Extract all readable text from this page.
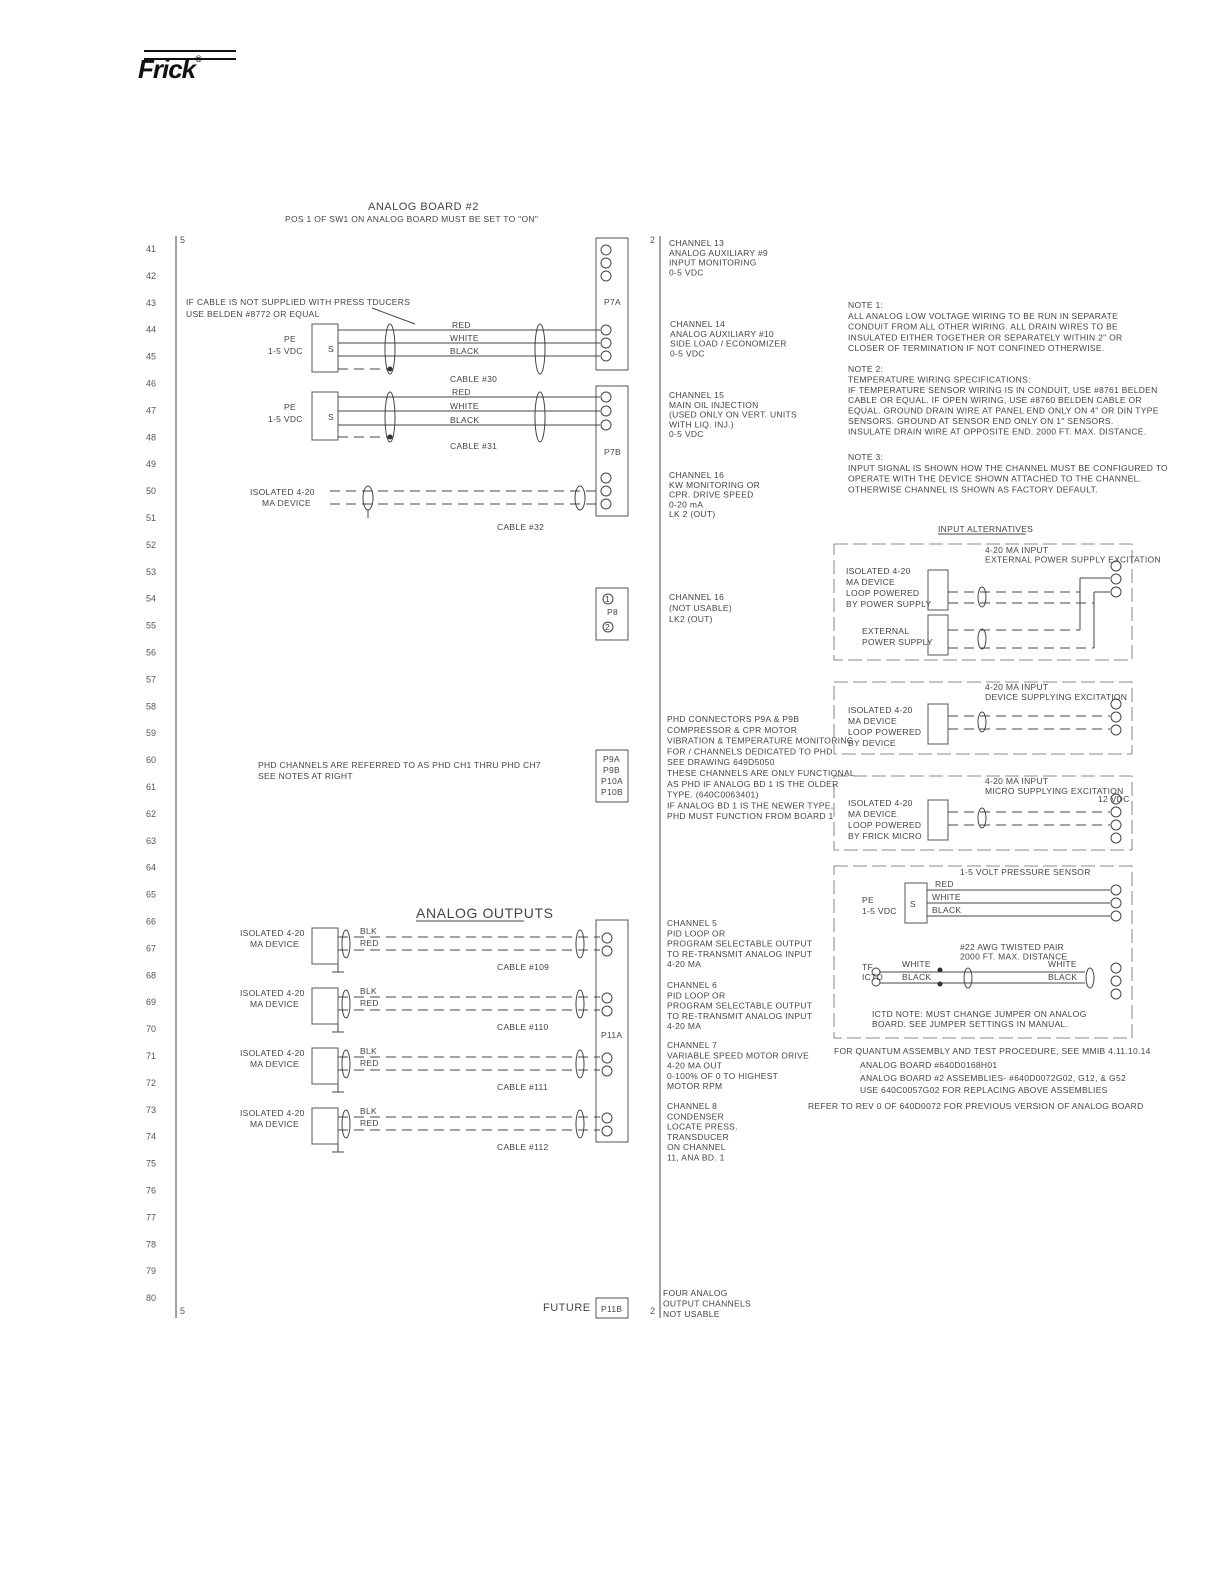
Frick®
ANALOG BOARD #2
POS 1 OF SW1 ON ANALOG BOARD MUST BE SET TO "ON"
41
42
43
44
45
46
47
48
49
50
51
52
53
54
55
56
57
58
59
60
61
62
63
64
65
66
67
68
69
70
71
72
73
74
75
76
77
78
79
80
5	2
5	2
P7A
P7B
IF CABLE IS NOT SUPPLIED WITH PRESS TDUCERS
USE BELDEN #8772 OR EQUAL
PE
1-5 VDC	S
RED
WHITE
BLACK
CABLE #30
PE
1-5 VDC	S
RED
WHITE
BLACK
CABLE #31
ISOLATED 4-20
MA DEVICE
CABLE #32
1
2
P8
PHD CHANNELS ARE REFERRED TO AS PHD CH1 THRU PHD CH7
SEE NOTES AT RIGHT
P9A
P9B
P10A
P10B
ANALOG OUTPUTS
P11A
ISOLATED 4-20
MA DEVICE
BLK
RED
CABLE #109
ISOLATED 4-20
MA DEVICE
BLK
RED
CABLE #110
ISOLATED 4-20
MA DEVICE
BLK
RED
CABLE #111
ISOLATED 4-20
MA DEVICE
BLK
RED
CABLE #112
FUTURE P11B
CHANNEL 13
ANALOG AUXILIARY #9
INPUT MONITORING
0-5 VDC
CHANNEL 14
ANALOG AUXILIARY #10
SIDE LOAD / ECONOMIZER
0-5 VDC
CHANNEL 15
MAIN OIL INJECTION
(USED ONLY ON VERT. UNITS
WITH LIQ. INJ.)
0-5 VDC
CHANNEL 16
KW MONITORING OR
CPR. DRIVE SPEED
0-20 mA
LK 2 (OUT)
CHANNEL 16
(NOT USABLE)
LK2 (OUT)
PHD CONNECTORS P9A & P9B
COMPRESSOR & CPR MOTOR
VIBRATION & TEMPERATURE MONITORING
FOR / CHANNELS DEDICATED TO PHD
SEE DRAWING 649D5050
THESE CHANNELS ARE ONLY FUNCTIONAL
AS PHD IF ANALOG BD 1 IS THE OLDER
TYPE. (640C0063401)
IF ANALOG BD 1 IS THE NEWER TYPE,
PHD MUST FUNCTION FROM BOARD 1
CHANNEL 5
PID LOOP OR
PROGRAM SELECTABLE OUTPUT
TO RE-TRANSMIT ANALOG INPUT
4-20 MA
CHANNEL 6
PID LOOP OR
PROGRAM SELECTABLE OUTPUT
TO RE-TRANSMIT ANALOG INPUT
4-20 MA
CHANNEL 7
VARIABLE SPEED MOTOR DRIVE
4-20 MA OUT
0-100% OF 0 TO HIGHEST
MOTOR RPM
CHANNEL 8
CONDENSER
LOCATE PRESS.
TRANSDUCER
ON CHANNEL
11, ANA BD. 1
FOUR ANALOG
OUTPUT CHANNELS
NOT USABLE
NOTE 1:
ALL ANALOG LOW VOLTAGE WIRING TO BE RUN IN SEPARATE
CONDUIT FROM ALL OTHER WIRING. ALL DRAIN WIRES TO BE
INSULATED EITHER TOGETHER OR SEPARATELY WITHIN 2" OR
CLOSER OF TERMINATION IF NOT CONFINED OTHERWISE.
NOTE 2:
TEMPERATURE WIRING SPECIFICATIONS:
IF TEMPERATURE SENSOR WIRING IS IN CONDUIT, USE #8761 BELDEN
CABLE OR EQUAL. IF OPEN WIRING, USE #8760 BELDEN CABLE OR
EQUAL. GROUND DRAIN WIRE AT PANEL END ONLY ON 4" OR DIN TYPE
SENSORS. GROUND AT SENSOR END ONLY ON 1" SENSORS.
INSULATE DRAIN WIRE AT OPPOSITE END. 2000 FT. MAX. DISTANCE.
NOTE 3:
INPUT SIGNAL IS SHOWN HOW THE CHANNEL MUST BE CONFIGURED TO
OPERATE WITH THE DEVICE SHOWN ATTACHED TO THE CHANNEL.
OTHERWISE CHANNEL IS SHOWN AS FACTORY DEFAULT.
INPUT ALTERNATIVES
4-20 MA INPUT
EXTERNAL POWER SUPPLY EXCITATION
ISOLATED 4-20
MA DEVICE
LOOP POWERED
BY POWER SUPPLY
EXTERNAL
POWER SUPPLY
4-20 MA INPUT
DEVICE SUPPLYING EXCITATION
ISOLATED 4-20
MA DEVICE
LOOP POWERED
BY DEVICE
4-20 MA INPUT
MICRO SUPPLYING EXCITATION
ISOLATED 4-20
MA DEVICE
LOOP POWERED
BY FRICK MICRO
12 VDC
1-5 VOLT PRESSURE SENSOR
PE
1-5 VDC
S
RED
WHITE
BLACK
#22 AWG TWISTED PAIR
2000 FT. MAX. DISTANCE
TF
ICTD
WHITE
BLACK
WHITE
BLACK
ICTD NOTE: MUST CHANGE JUMPER ON ANALOG
BOARD. SEE JUMPER SETTINGS IN MANUAL.
FOR QUANTUM ASSEMBLY AND TEST PROCEDURE, SEE MMIB 4.11.10.14
ANALOG BOARD #640D0168H01
ANALOG BOARD #2 ASSEMBLIES- #640D0072G02, G12, & G52
USE 640C0057G02 FOR REPLACING ABOVE ASSEMBLIES
REFER TO REV 0 OF 640D0072 FOR PREVIOUS VERSION OF ANALOG BOARD
